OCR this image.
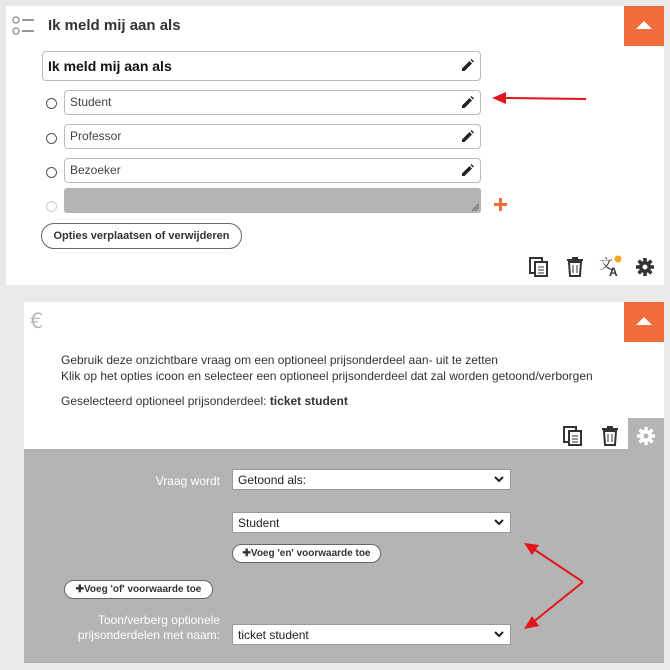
Ik meld mij aan als
Ik meld mij aan als
Student
Professor
Bezoeker
Opties verplaatsen of verwijderen
文
A
€
Gebruik deze onzichtbare vraag om een optioneel prijsonderdeel aan- uit te zetten
Klik op het opties icoon en selecteer een optioneel prijsonderdeel dat zal worden getoond/verborgen
Geselecteerd optioneel prijsonderdeel: ticket student
Vraag wordt Getoond als:
Student
✚Voeg 'en' voorwaarde toe
✚Voeg 'of' voorwaarde toe
Toon/verberg optionele
prijsonderdelen met naam: ticket student
